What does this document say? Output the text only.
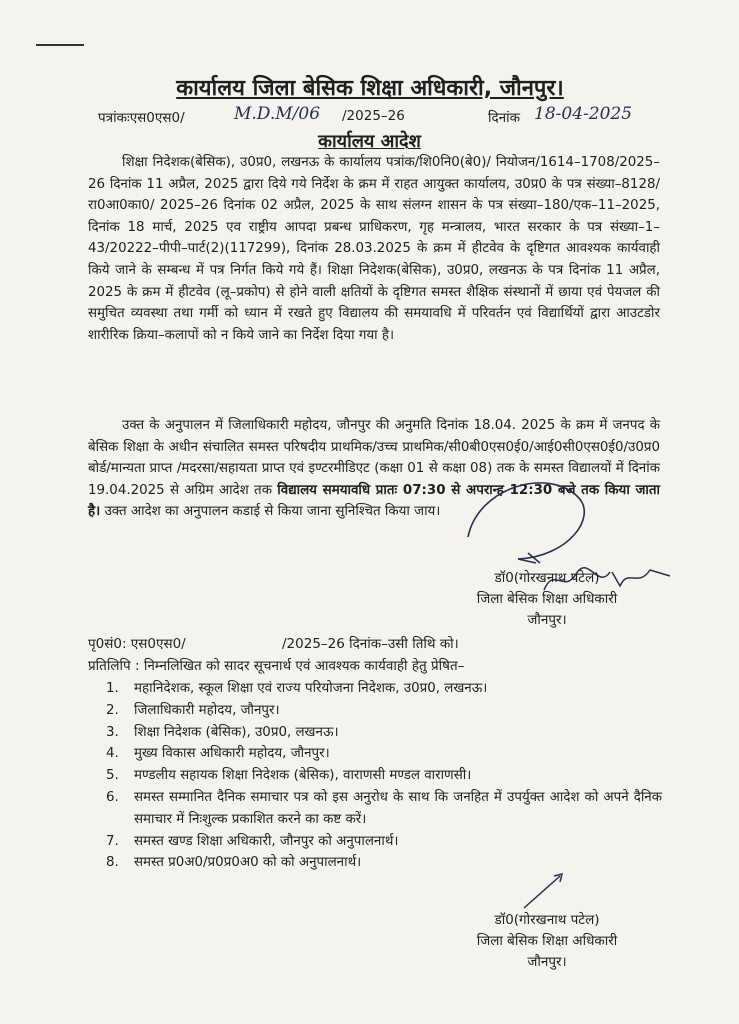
कार्यालय जिला बेसिक शिक्षा अधिकारी, जौनपुर।
पत्रांकःएस0एस0/	M.D.M/06 /2025–26	दिनांक 18-04-2025
कार्यालय आदेश
शिक्षा निदेशक(बेसिक), उ0प्र0, लखनऊ के कार्यालय पत्रांक/शि0नि0(बे0)/ नियोजन/1614–1708/2025–26 दिनांक 11 अप्रैल, 2025 द्वारा दिये गये निर्देश के क्रम में राहत आयुक्त कार्यालय, उ0प्र0 के पत्र संख्या–8128/रा0आ0का0/ 2025–26 दिनांक 02 अप्रैल, 2025 के साथ संलग्न शासन के पत्र संख्या–180/एक–11–2025, दिनांक 18 मार्च, 2025 एव राष्ट्रीय आपदा प्रबन्ध प्राधिकरण, गृह मन्त्रालय, भारत सरकार के पत्र संख्या–1–43/20222–पीपी–पार्ट(2)(117299), दिनांक 28.03.2025 के क्रम में हीटवेव के दृष्टिगत आवश्यक कार्यवाही किये जाने के सम्बन्ध में पत्र निर्गत किये गये हैं। शिक्षा निदेशक(बेसिक), उ0प्र0, लखनऊ के पत्र दिनांक 11 अप्रैल, 2025 के क्रम में हीटवेव (लू–प्रकोप) से होने वाली क्षतियों के दृष्टिगत समस्त शैक्षिक संस्थानों में छाया एवं पेयजल की समुचित व्यवस्था तथा गर्मी को ध्यान में रखते हुए विद्यालय की समयावधि में परिवर्तन एवं विद्यार्थियों द्वारा आउटडोर शारीरिक क्रिया–कलापों को न किये जाने का निर्देश दिया गया है।
उक्त के अनुपालन में जिलाधिकारी महोदय, जौनपुर की अनुमति दिनांक 18.04. 2025 के क्रम में जनपद के बेसिक शिक्षा के अधीन संचालित समस्त परिषदीय प्राथमिक/उच्च प्राथमिक/सी0बी0एस0ई0/आई0सी0एस0ई0/उ0प्र0 बोर्ड/मान्यता प्राप्त /मदरसा/सहायता प्राप्त एवं इण्टरमीडिएट (कक्षा 01 से कक्षा 08) तक के समस्त विद्यालयों में दिनांक 19.04.2025 से अग्रिम आदेश तक विद्यालय समयावधि प्रातः 07:30 से अपरान्ह 12:30 बजे तक किया जाता है। उक्त आदेश का अनुपालन कडाई से किया जाना सुनिश्चित किया जाय।
डॉ0(गोरखनाथ पटेल)
जिला बेसिक शिक्षा अधिकारी
जौनपुर।
पृ0सं0: एस0एस0/	/2025–26 दिनांक–उसी तिथि को।
प्रतिलिपि : निम्नलिखित को सादर सूचनार्थ एवं आवश्यक कार्यवाही हेतु प्रेषित–
1. महानिदेशक, स्कूल शिक्षा एवं राज्य परियोजना निदेशक, उ0प्र0, लखनऊ।
2. जिलाधिकारी महोदय, जौनपुर।
3. शिक्षा निदेशक (बेसिक), उ0प्र0, लखनऊ।
4. मुख्य विकास अधिकारी महोदय, जौनपुर।
5. मण्डलीय सहायक शिक्षा निदेशक (बेसिक), वाराणसी मण्डल वाराणसी।
6. समस्त सम्मानित दैनिक समाचार पत्र को इस अनुरोध के साथ कि जनहित में उपर्युक्त आदेश को अपने दैनिक समाचार में निःशुल्क प्रकाशित करने का कष्ट करें।
7. समस्त खण्ड शिक्षा अधिकारी, जौनपुर को अनुपालनार्थ।
8. समस्त प्र0अ0/प्र0प्र0अ0 को को अनुपालनार्थ।
डॉ0(गोरखनाथ पटेल)
जिला बेसिक शिक्षा अधिकारी
जौनपुर।
